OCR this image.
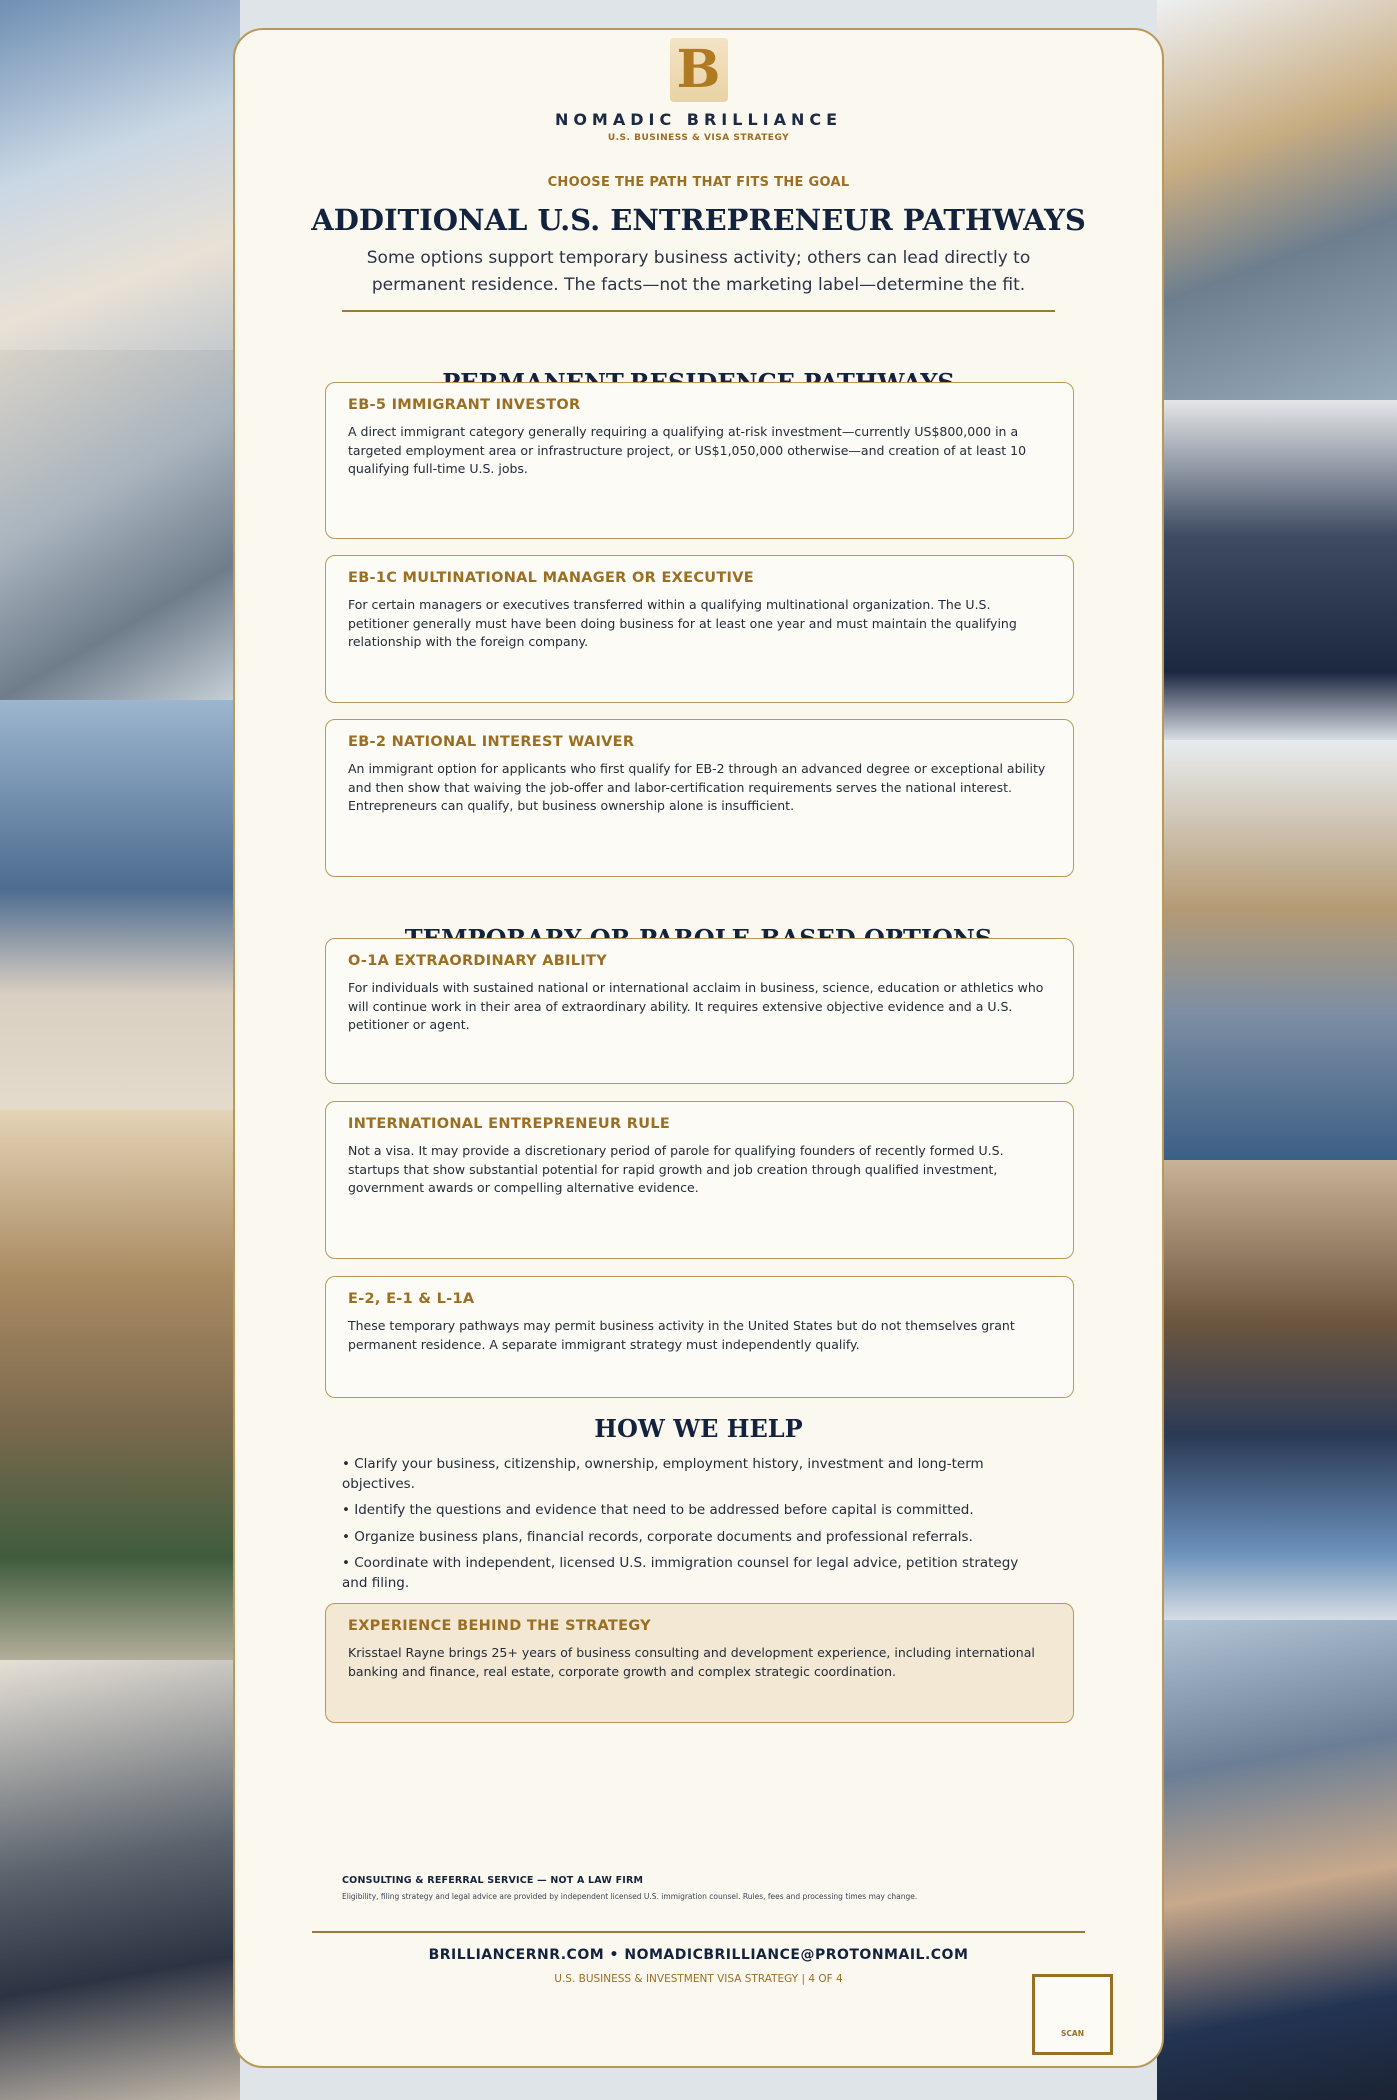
B
NOMADIC BRILLIANCE
U.S. BUSINESS & VISA STRATEGY
CHOOSE THE PATH THAT FITS THE GOAL
ADDITIONAL U.S. ENTREPRENEUR PATHWAYS
Some options support temporary business activity; others can lead directly to permanent residence. The facts—not the marketing label—determine the fit.
EB-5 IMMIGRANT INVESTOR

A direct immigrant category generally requiring a qualifying at-risk investment—currently US$800,000 in a targeted employment area or infrastructure project, or US$1,050,000 otherwise—and creation of at least 10 qualifying full-time U.S. jobs.

EB-1C MULTINATIONAL MANAGER OR EXECUTIVE

For certain managers or executives transferred within a qualifying multinational organization. The U.S. petitioner generally must have been doing business for at least one year and must maintain the qualifying relationship with the foreign company.

EB-2 NATIONAL INTEREST WAIVER

An immigrant option for applicants who first qualify for EB-2 through an advanced degree or exceptional ability and then show that waiving the job-offer and labor-certification requirements serves the national interest. Entrepreneurs can qualify, but business ownership alone is insufficient.

O-1A EXTRAORDINARY ABILITY

For individuals with sustained national or international acclaim in business, science, education or athletics who will continue work in their area of extraordinary ability. It requires extensive objective evidence and a U.S. petitioner or agent.

INTERNATIONAL ENTREPRENEUR RULE

Not a visa. It may provide a discretionary period of parole for qualifying founders of recently formed U.S. startups that show substantial potential for rapid growth and job creation through qualified investment, government awards or compelling alternative evidence.

E-2, E-1 & L-1A

These temporary pathways may permit business activity in the United States but do not themselves grant permanent residence. A separate immigrant strategy must independently qualify.

HOW WE HELP
• Clarify your business, citizenship, ownership, employment history, investment and long-term objectives.
• Identify the questions and evidence that need to be addressed before capital is committed.
• Organize business plans, financial records, corporate documents and professional referrals.
• Coordinate with independent, licensed U.S. immigration counsel for legal advice, petition strategy and filing.
EXPERIENCE BEHIND THE STRATEGY

Krisstael Rayne brings 25+ years of business consulting and development experience, including international banking and finance, real estate, corporate growth and complex strategic coordination.

CONSULTING & REFERRAL SERVICE — NOT A LAW FIRM
Eligibility, filing strategy and legal advice are provided by independent licensed U.S. immigration counsel. Rules, fees and processing times may change.
BRILLIANCERNR.COM • NOMADICBRILLIANCE@PROTONMAIL.COM
U.S. BUSINESS & INVESTMENT VISA STRATEGY | 4 OF 4
SCAN
